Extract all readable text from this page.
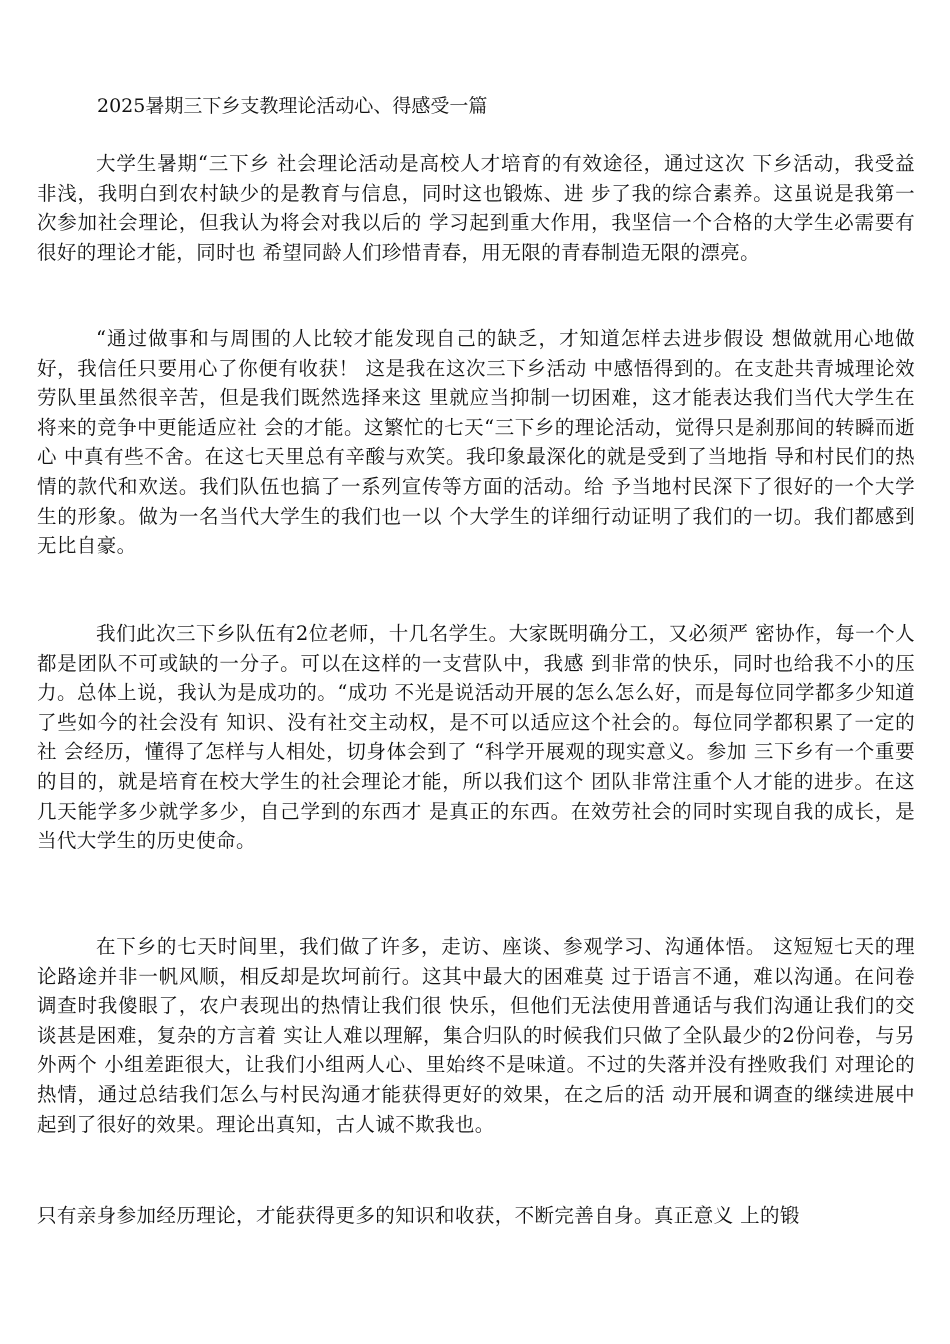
2025暑期三下乡支教理论活动心、得感受一篇

大学生暑期“三下乡 社会理论活动是高校人才培育的有效途径，通过这次 下乡活动，我受益非浅，我明白到农村缺少的是教育与信息，同时这也锻炼、进 步了我的综合素养。这虽说是我第一次参加社会理论，但我认为将会对我以后的 学习起到重大作用，我坚信一个合格的大学生必需要有很好的理论才能，同时也 希望同龄人们珍惜青春，用无限的青春制造无限的漂亮。

“通过做事和与周围的人比较才能发现自己的缺乏，才知道怎样去进步假设 想做就用心地做好，我信任只要用心了你便有收获！ 这是我在这次三下乡活动 中感悟得到的。在支赴共青城理论效劳队里虽然很辛苦，但是我们既然选择来这 里就应当抑制一切困难，这才能表达我们当代大学生在将来的竞争中更能适应社 会的才能。这繁忙的七天“三下乡的理论活动，觉得只是刹那间的转瞬而逝心 中真有些不舍。在这七天里总有辛酸与欢笑。我印象最深化的就是受到了当地指 导和村民们的热情的款代和欢送。我们队伍也搞了一系列宣传等方面的活动。给 予当地村民深下了很好的一个大学生的形象。做为一名当代大学生的我们也一以 个大学生的详细行动证明了我们的一切。我们都感到无比自豪。

我们此次三下乡队伍有2位老师，十几名学生。大家既明确分工，又必须严 密协作，每一个人都是团队不可或缺的一分子。可以在这样的一支营队中，我感 到非常的快乐，同时也给我不小的压力。总体上说，我认为是成功的。“成功 不光是说活动开展的怎么怎么好，而是每位同学都多少知道了些如今的社会没有 知识、没有社交主动权，是不可以适应这个社会的。每位同学都积累了一定的社 会经历，懂得了怎样与人相处，切身体会到了 “科学开展观的现实意义。参加 三下乡有一个重要的目的，就是培育在校大学生的社会理论才能，所以我们这个 团队非常注重个人才能的进步。在这几天能学多少就学多少，自己学到的东西才 是真正的东西。在效劳社会的同时实现自我的成长，是当代大学生的历史使命。

在下乡的七天时间里，我们做了许多，走访、座谈、参观学习、沟通体悟。 这短短七天的理论路途并非一帆风顺，相反却是坎坷前行。这其中最大的困难莫 过于语言不通，难以沟通。在问卷调查时我傻眼了，农户表现出的热情让我们很 快乐，但他们无法使用普通话与我们沟通让我们的交谈甚是困难，复杂的方言着 实让人难以理解，集合归队的时候我们只做了全队最少的2份问卷，与另外两个 小组差距很大，让我们小组两人心、里始终不是味道。不过的失落并没有挫败我们 对理论的热情，通过总结我们怎么与村民沟通才能获得更好的效果，在之后的活 动开展和调查的继续进展中起到了很好的效果。理论出真知，古人诚不欺我也。

只有亲身参加经历理论，才能获得更多的知识和收获，不断完善自身。真正意义 上的锻
